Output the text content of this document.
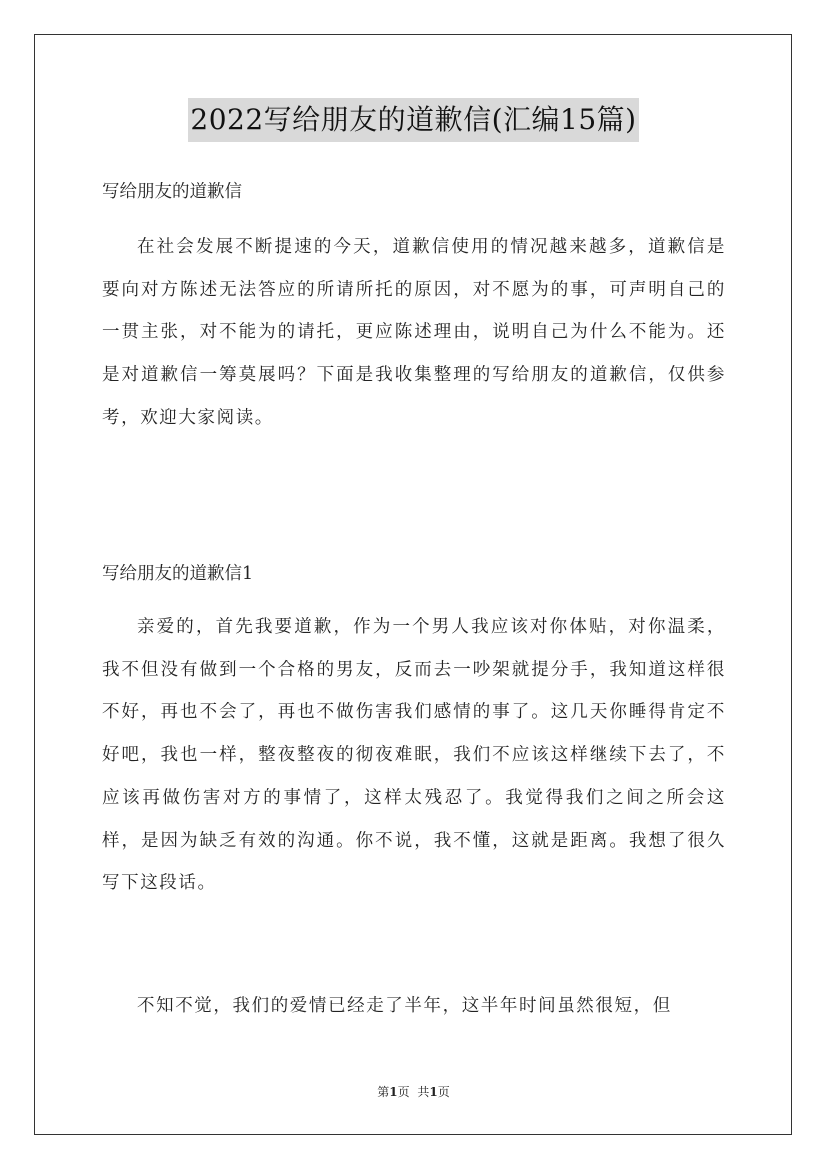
2022写给朋友的道歉信(汇编15篇)
写给朋友的道歉信

在社会发展不断提速的今天，道歉信使用的情况越来越多，道歉信是要向对方陈述无法答应的所请所托的原因，对不愿为的事，可声明自己的一贯主张，对不能为的请托，更应陈述理由，说明自己为什么不能为。还是对道歉信一筹莫展吗？下面是我收集整理的写给朋友的道歉信，仅供参考，欢迎大家阅读。

写给朋友的道歉信1

亲爱的，首先我要道歉，作为一个男人我应该对你体贴，对你温柔，我不但没有做到一个合格的男友，反而去一吵架就提分手，我知道这样很不好，再也不会了，再也不做伤害我们感情的事了。这几天你睡得肯定不好吧，我也一样，整夜整夜的彻夜难眠，我们不应该这样继续下去了，不应该再做伤害对方的事情了，这样太残忍了。我觉得我们之间之所会这样，是因为缺乏有效的沟通。你不说，我不懂，这就是距离。我想了很久写下这段话。

不知不觉，我们的爱情已经走了半年，这半年时间虽然很短，但

第1页 共1页
